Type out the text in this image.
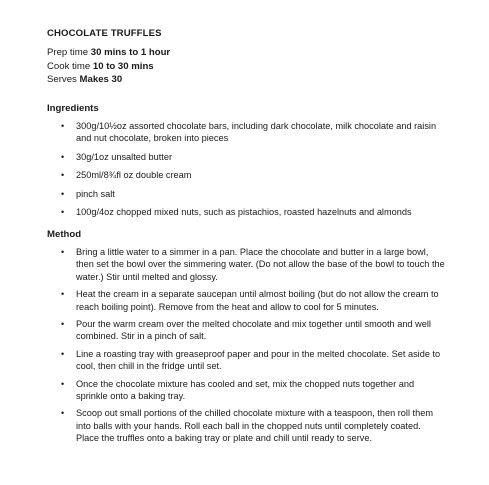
CHOCOLATE TRUFFLES
Prep time 30 mins to 1 hour
Cook time 10 to 30 mins
Serves Makes 30
Ingredients
• 300g/10½oz assorted chocolate bars, including dark chocolate, milk chocolate and raisin and nut chocolate, broken into pieces
• 30g/1oz unsalted butter
• 250ml/8¾fl oz double cream
• pinch salt
• 100g/4oz chopped mixed nuts, such as pistachios, roasted hazelnuts and almonds
Method
• Bring a little water to a simmer in a pan. Place the chocolate and butter in a large bowl, then set the bowl over the simmering water. (Do not allow the base of the bowl to touch the water.) Stir until melted and glossy.
• Heat the cream in a separate saucepan until almost boiling (but do not allow the cream to reach boiling point). Remove from the heat and allow to cool for 5 minutes.
• Pour the warm cream over the melted chocolate and mix together until smooth and well combined. Stir in a pinch of salt.
• Line a roasting tray with greaseproof paper and pour in the melted chocolate. Set aside to cool, then chill in the fridge until set.
• Once the chocolate mixture has cooled and set, mix the chopped nuts together and sprinkle onto a baking tray.
• Scoop out small portions of the chilled chocolate mixture with a teaspoon, then roll them into balls with your hands. Roll each ball in the chopped nuts until completely coated. Place the truffles onto a baking tray or plate and chill until ready to serve.
